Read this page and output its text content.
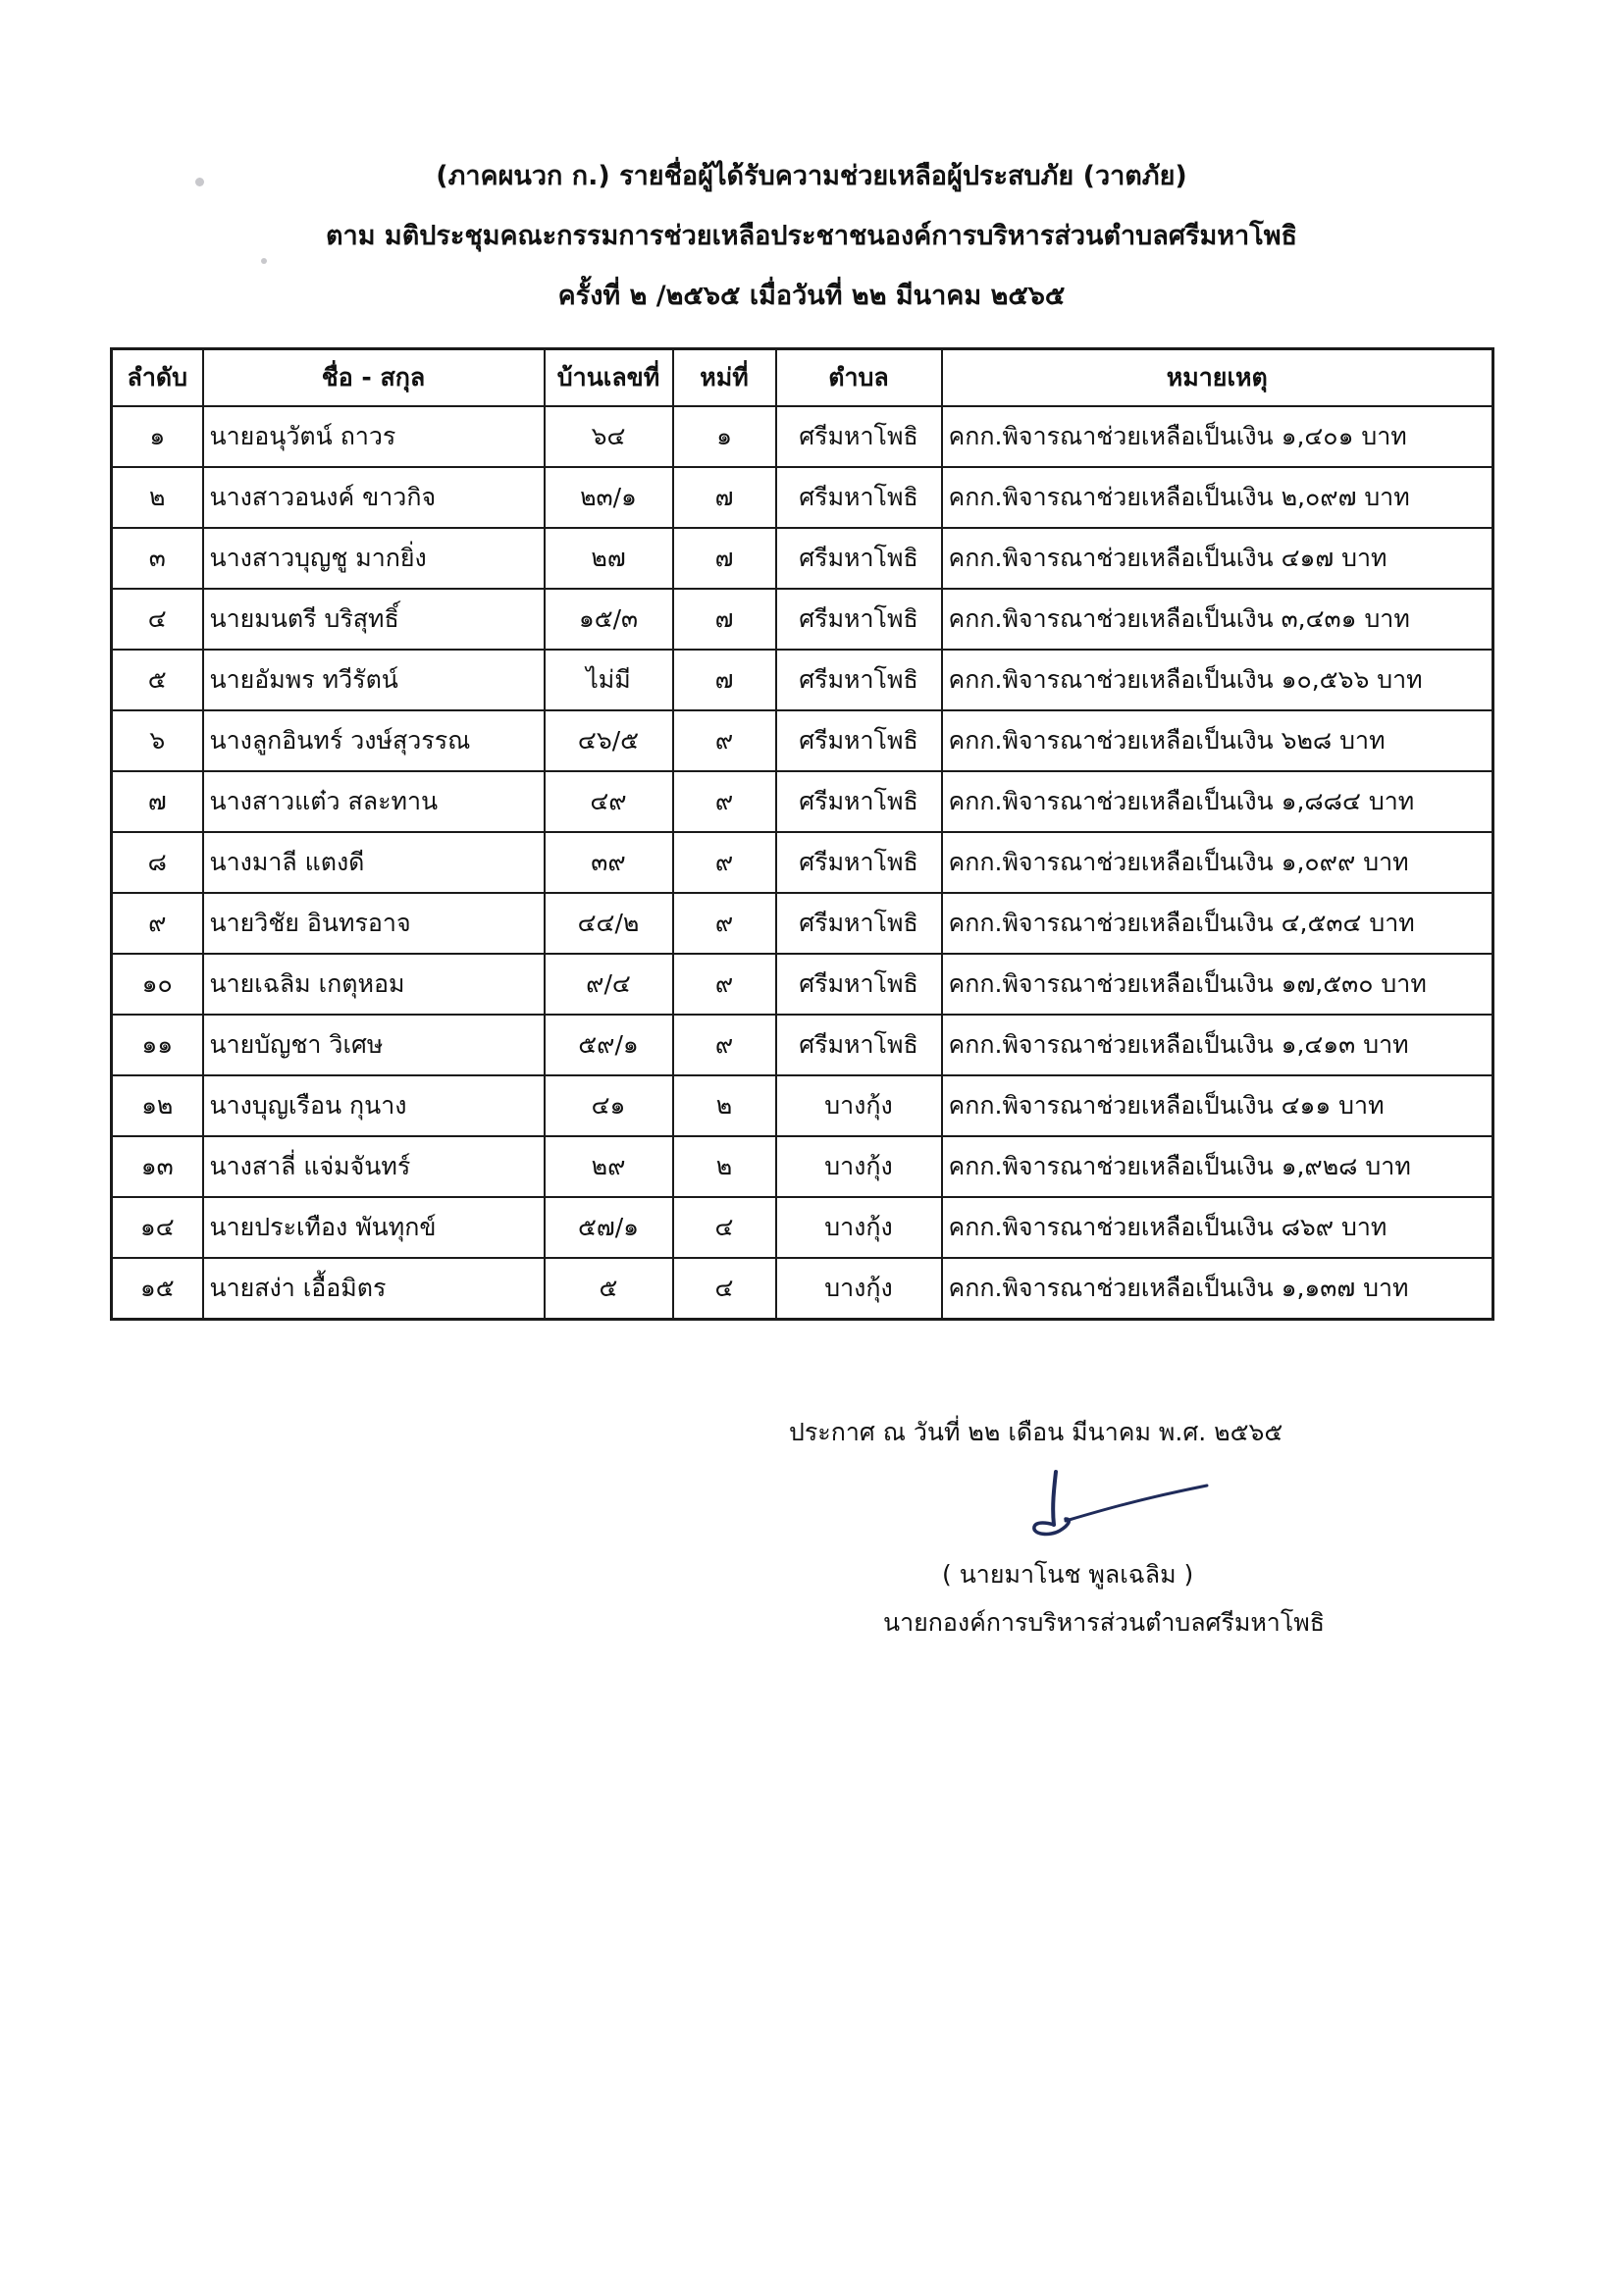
(ภาคผนวก ก.) รายชื่อผู้ได้รับความช่วยเหลือผู้ประสบภัย (วาตภัย)
ตาม มติประชุมคณะกรรมการช่วยเหลือประชาชนองค์การบริหารส่วนตำบลศรีมหาโพธิ
ครั้งที่ ๒ /๒๕๖๕ เมื่อวันที่ ๒๒ มีนาคม ๒๕๖๕
ลำดับ	ชื่อ - สกุล	บ้านเลขที่	หม่ที่	ตำบล	หมายเหตุ
๑	นายอนุวัตน์ ถาวร	๖๔	๑	ศรีมหาโพธิ	คกก.พิจารณาช่วยเหลือเป็นเงิน ๑,๔๐๑ บาท
๒	นางสาวอนงค์ ขาวกิจ	๒๓/๑	๗	ศรีมหาโพธิ	คกก.พิจารณาช่วยเหลือเป็นเงิน ๒,๐๙๗ บาท
๓	นางสาวบุญชู มากยิ่ง	๒๗	๗	ศรีมหาโพธิ	คกก.พิจารณาช่วยเหลือเป็นเงิน ๔๑๗ บาท
๔	นายมนตรี บริสุทธิ์	๑๕/๓	๗	ศรีมหาโพธิ	คกก.พิจารณาช่วยเหลือเป็นเงิน ๓,๔๓๑ บาท
๕	นายอัมพร ทวีรัตน์	ไม่มี	๗	ศรีมหาโพธิ	คกก.พิจารณาช่วยเหลือเป็นเงิน ๑๐,๕๖๖ บาท
๖	นางลูกอินทร์ วงษ์สุวรรณ	๔๖/๕	๙	ศรีมหาโพธิ	คกก.พิจารณาช่วยเหลือเป็นเงิน ๖๒๘ บาท
๗	นางสาวแต๋ว สละทาน	๔๙	๙	ศรีมหาโพธิ	คกก.พิจารณาช่วยเหลือเป็นเงิน ๑,๘๘๔ บาท
๘	นางมาลี แตงดี	๓๙	๙	ศรีมหาโพธิ	คกก.พิจารณาช่วยเหลือเป็นเงิน ๑,๐๙๙ บาท
๙	นายวิชัย อินทรอาจ	๔๔/๒	๙	ศรีมหาโพธิ	คกก.พิจารณาช่วยเหลือเป็นเงิน ๔,๕๓๔ บาท
๑๐	นายเฉลิม เกตุหอม	๙/๔	๙	ศรีมหาโพธิ	คกก.พิจารณาช่วยเหลือเป็นเงิน ๑๗,๕๓๐ บาท
๑๑	นายบัญชา วิเศษ	๕๙/๑	๙	ศรีมหาโพธิ	คกก.พิจารณาช่วยเหลือเป็นเงิน ๑,๔๑๓ บาท
๑๒	นางบุญเรือน กุนาง	๔๑	๒	บางกุ้ง	คกก.พิจารณาช่วยเหลือเป็นเงิน ๔๑๑ บาท
๑๓	นางสาลี่ แจ่มจันทร์	๒๙	๒	บางกุ้ง	คกก.พิจารณาช่วยเหลือเป็นเงิน ๑,๙๒๘ บาท
๑๔	นายประเทือง พันทุกข์	๕๗/๑	๔	บางกุ้ง	คกก.พิจารณาช่วยเหลือเป็นเงิน ๘๖๙ บาท
๑๕	นายสง่า เอื้อมิตร	๕	๔	บางกุ้ง	คกก.พิจารณาช่วยเหลือเป็นเงิน ๑,๑๓๗ บาท
ประกาศ ณ วันที่ ๒๒ เดือน มีนาคม พ.ศ. ๒๕๖๕
( นายมาโนช พูลเฉลิม )
นายกองค์การบริหารส่วนตำบลศรีมหาโพธิ
